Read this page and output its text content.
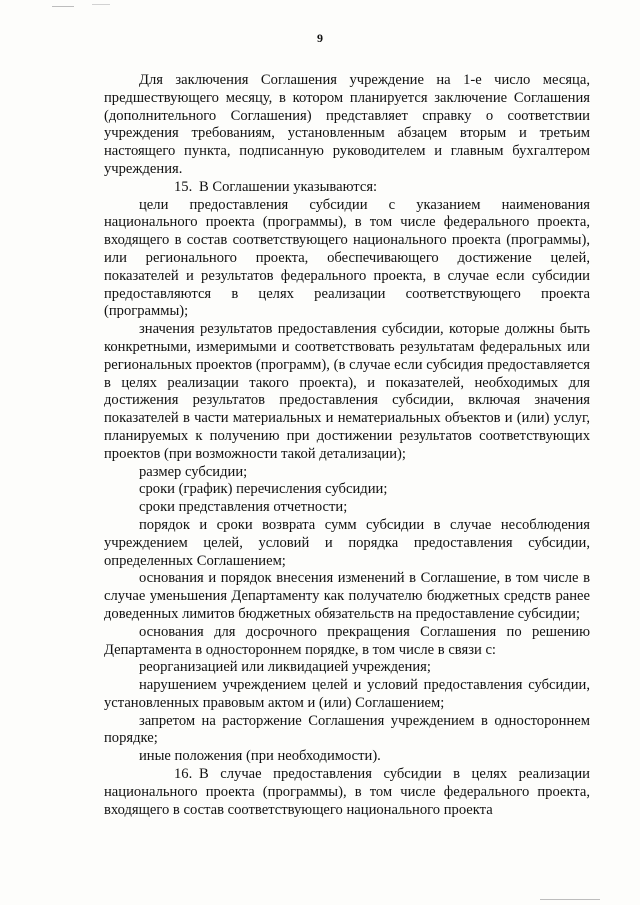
9

Для заключения Соглашения учреждение на 1-е число месяца, предшествующего месяцу, в котором планируется заключение Соглашения (дополнительного Соглашения) представляет справку о соответствии учреждения требованиям, установленным абзацем вторым и третьим настоящего пункта, подписанную руководителем и главным бухгалтером учреждения.

15. В Соглашении указываются:

цели предоставления субсидии с указанием наименования национального проекта (программы), в том числе федерального проекта, входящего в состав соответствующего национального проекта (программы), или регионального проекта, обеспечивающего достижение целей, показателей и результатов федерального проекта, в случае если субсидии предоставляются в целях реализации соответствующего проекта (программы);

значения результатов предоставления субсидии, которые должны быть конкретными, измеримыми и соответствовать результатам федеральных или региональных проектов (программ), (в случае если субсидия предоставляется в целях реализации такого проекта), и показателей, необходимых для достижения результатов предоставления субсидии, включая значения показателей в части материальных и нематериальных объектов и (или) услуг, планируемых к получению при достижении результатов соответствующих проектов (при возможности такой детализации);

размер субсидии;

сроки (график) перечисления субсидии;

сроки представления отчетности;

порядок и сроки возврата сумм субсидии в случае несоблюдения учреждением целей, условий и порядка предоставления субсидии, определенных Соглашением;

основания и порядок внесения изменений в Соглашение, в том числе в случае уменьшения Департаменту как получателю бюджетных средств ранее доведенных лимитов бюджетных обязательств на предоставление субсидии;

основания для досрочного прекращения Соглашения по решению Департамента в одностороннем порядке, в том числе в связи с:

реорганизацией или ликвидацией учреждения;

нарушением учреждением целей и условий предоставления субсидии, установленных правовым актом и (или) Соглашением;

запретом на расторжение Соглашения учреждением в одностороннем порядке;

иные положения (при необходимости).

16. В случае предоставления субсидии в целях реализации национального проекта (программы), в том числе федерального проекта, входящего в состав соответствующего национального проекта
